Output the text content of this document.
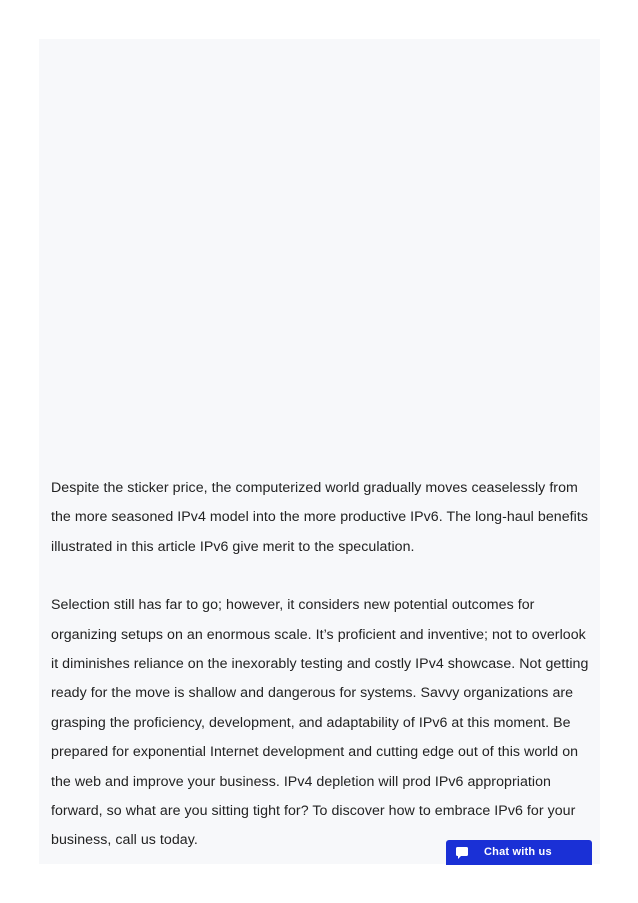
Despite the sticker price, the computerized world gradually moves ceaselessly from the more seasoned IPv4 model into the more productive IPv6. The long-haul benefits illustrated in this article IPv6 give merit to the speculation.

Selection still has far to go; however, it considers new potential outcomes for organizing setups on an enormous scale. It’s proficient and inventive; not to overlook it diminishes reliance on the inexorably testing and costly IPv4 showcase. Not getting ready for the move is shallow and dangerous for systems. Savvy organizations are grasping the proficiency, development, and adaptability of IPv6 at this moment. Be prepared for exponential Internet development and cutting edge out of this world on the web and improve your business. IPv4 depletion will prod IPv6 appropriation forward, so what are you sitting tight for? To discover how to embrace IPv6 for your business, call us today.

Chat with us
